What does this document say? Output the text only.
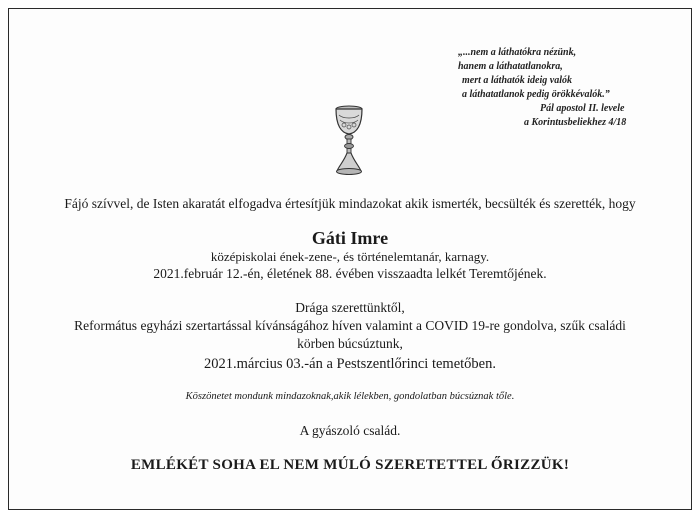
„...nem a láthatókra nézünk,
hanem a láthatatlanokra,
mert a láthatók ideig valók
a láthatatlanok pedig örökkévalók.”
Pál apostol II. levele
a Korintusbeliekhez 4/18
Fájó szívvel, de Isten akaratát elfogadva értesítjük mindazokat akik ismerték, becsülték és szerették, hogy
Gáti Imre
középiskolai ének-zene-, és történelemtanár, karnagy.
2021.február 12.-én, életének 88. évében visszaadta lelkét Teremtőjének.
Drága szerettünktől,
Református egyházi szertartással kívánságához híven valamint a COVID 19-re gondolva, szűk családi
körben búcsúztunk,
2021.március 03.-án a Pestszentlőrinci temetőben.
Köszönetet mondunk mindazoknak,akik lélekben, gondolatban búcsúznak tőle.
A gyászoló család.
EMLÉKÉT SOHA EL NEM MÚLÓ SZERETETTEL ŐRIZZÜK!
